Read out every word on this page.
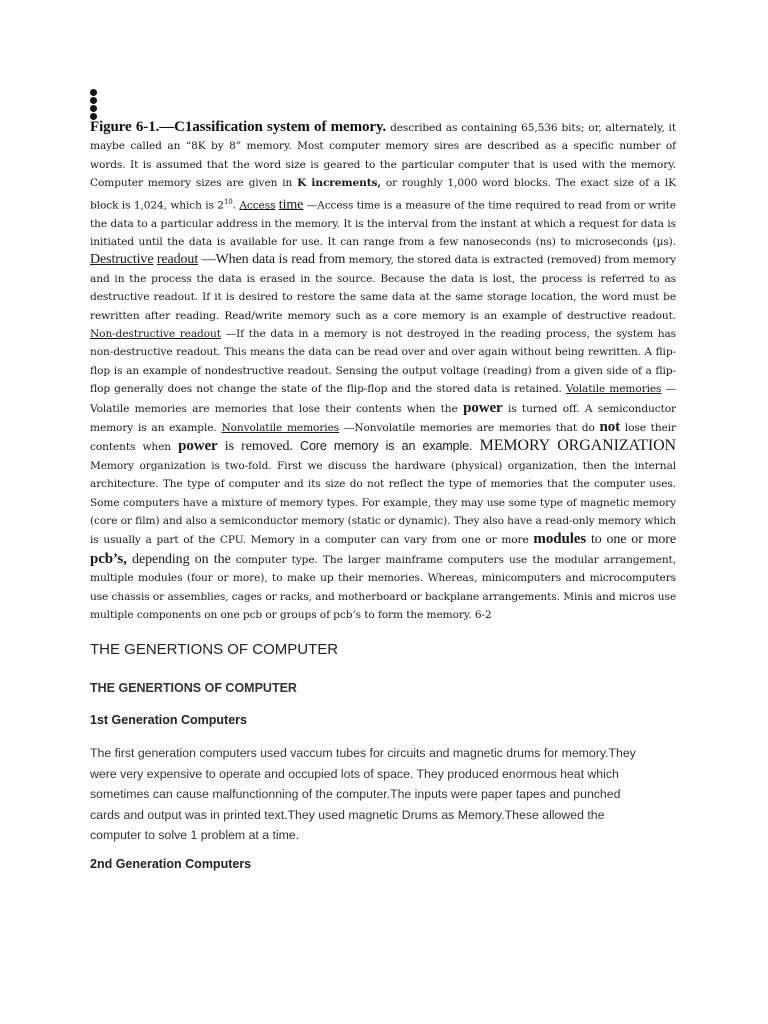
Figure 6-1.—C1assification system of memory. described as containing 65,536 bits; or, alternately, it maybe called an “8K by 8” memory. Most computer memory sires are described as a specific number of words. It is assumed that the word size is geared to the particular computer that is used with the memory. Computer memory sizes are given in K increments, or roughly 1,000 word blocks. The exact size of a lK block is 1,024, which is $2^{10}$. Access time —Access time is a measure of the time required to read from or write the data to a particular address in the memory. It is the interval from the instant at which a request for data is initiated until the data is available for use. It can range from a few nanoseconds (ns) to microseconds (µs). Destructive readout —When data is read from memory, the stored data is extracted (removed) from memory and in the process the data is erased in the source. Because the data is lost, the process is referred to as destructive readout. If it is desired to restore the same data at the same storage location, the word must be rewritten after reading. Read/write memory such as a core memory is an example of destructive readout. Non-destructive readout —If the data in a memory is not destroyed in the reading process, the system has non-destructive readout. This means the data can be read over and over again without being rewritten. A flip-flop is an example of nondestructive readout. Sensing the output voltage (reading) from a given side of a flip-flop generally does not change the state of the flip-flop and the stored data is retained. Volatile memories —Volatile memories are memories that lose their contents when the power is turned off. A semiconductor memory is an example. Nonvolatile memories —Nonvolatile memories are memories that do not lose their contents when power is removed. Core memory is an example. MEMORY ORGANIZATION Memory organization is two-fold. First we discuss the hardware (physical) organization, then the internal architecture. The type of computer and its size do not reflect the type of memories that the computer uses. Some computers have a mixture of memory types. For example, they may use some type of magnetic memory (core or film) and also a semiconductor memory (static or dynamic). They also have a read-only memory which is usually a part of the CPU. Memory in a computer can vary from one or more modules to one or more pcb’s, depending on the computer type. The larger mainframe computers use the modular arrangement, multiple modules (four or more), to make up their memories. Whereas, minicomputers and microcomputers use chassis or assemblies, cages or racks, and motherboard or backplane arrangements. Minis and micros use multiple components on one pcb or groups of pcb’s to form the memory. 6-2

THE GENERTIONS OF COMPUTER
THE GENERTIONS OF COMPUTER
1st Generation Computers

The first generation computers used vaccum tubes for circuits and magnetic drums for memory.They were very expensive to operate and occupied lots of space. They produced enormous heat which sometimes can cause malfunctionning of the computer.The inputs were paper tapes and punched cards and output was in printed text.They used magnetic Drums as Memory.These allowed the computer to solve 1 problem at a time.

2nd Generation Computers
